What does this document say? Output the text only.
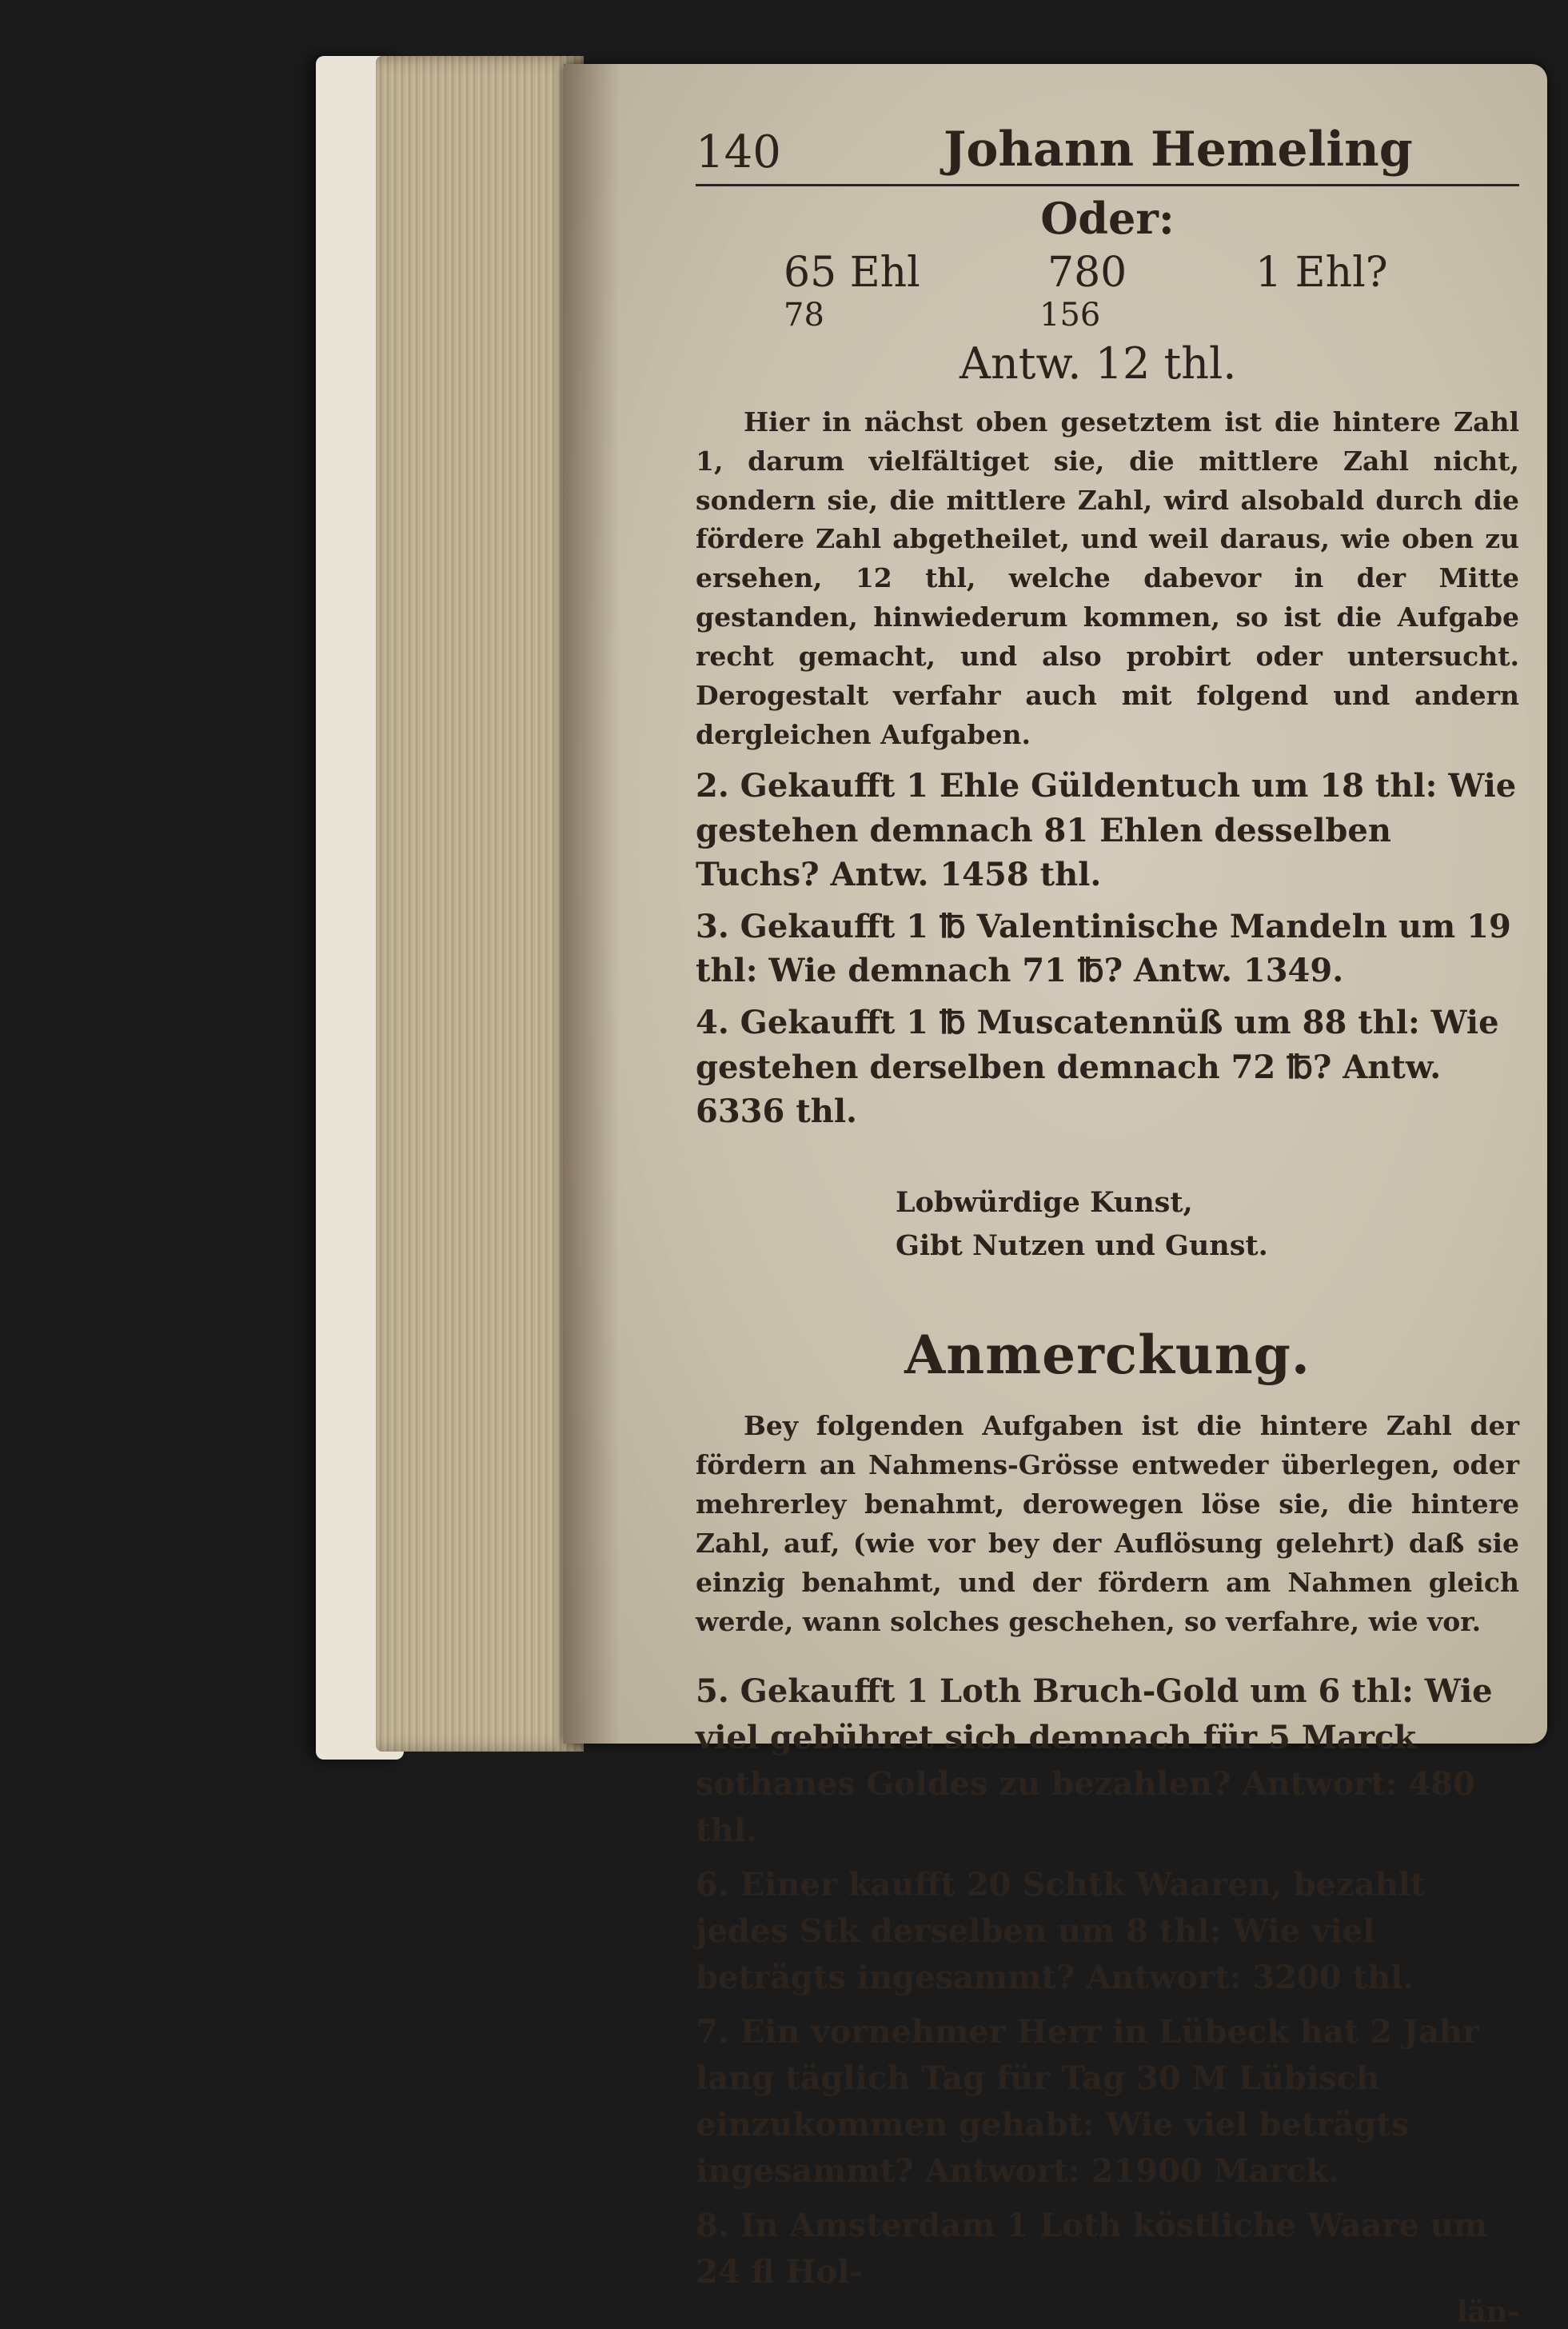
140	Johann Hemeling
Oder:
65 Ehl	780	1 Ehl?
78	156
Antw. 12 thl.

Hier in nächst oben gesetztem ist die hintere Zahl 1, darum vielfältiget sie, die mittlere Zahl nicht, sondern sie, die mittlere Zahl, wird alsobald durch die fördere Zahl abgetheilet, und weil daraus, wie oben zu ersehen, 12 thl, welche dabevor in der Mitte gestanden, hinwiederum kommen, so ist die Aufgabe recht gemacht, und also probirt oder untersucht. Derogestalt verfahr auch mit folgend und andern dergleichen Aufgaben.

2. Gekaufft 1 Ehle Güldentuch um 18 thl: Wie gestehen demnach 81 Ehlen desselben Tuchs? Antw. 1458 thl.

3. Gekaufft 1 ℔ Valentinische Mandeln um 19 thl: Wie demnach 71 ℔? Antw. 1349.

4. Gekaufft 1 ℔ Muscatennüß um 88 thl: Wie gestehen derselben demnach 72 ℔? Antw. 6336 thl.

Lobwürdige Kunst,
Gibt Nutzen und Gunst.
Anmerckung.

Bey folgenden Aufgaben ist die hintere Zahl der fördern an Nahmens-Grösse entweder überlegen, oder mehrerley benahmt, derowegen löse sie, die hintere Zahl, auf, (wie vor bey der Auflösung gelehrt) daß sie einzig benahmt, und der fördern am Nahmen gleich werde, wann solches geschehen, so verfahre, wie vor.

5. Gekaufft 1 Loth Bruch-Gold um 6 thl: Wie viel gebühret sich demnach für 5 Marck sothanes Goldes zu bezahlen? Antwort: 480 thl.

6. Einer kaufft 20 Schtk Waaren, bezahlt jedes Stk derselben um 8 thl: Wie viel beträgts ingesammt? Antwort: 3200 thl.

7. Ein vornehmer Herr in Lübeck hat 2 Jahr lang täglich Tag für Tag 30 M Lübisch einzukommen gehabt: Wie viel beträgts ingesammt? Antwort: 21900 Marck.

8. In Amsterdam 1 Loth köstliche Waare um 24 fl Hol-

län-
